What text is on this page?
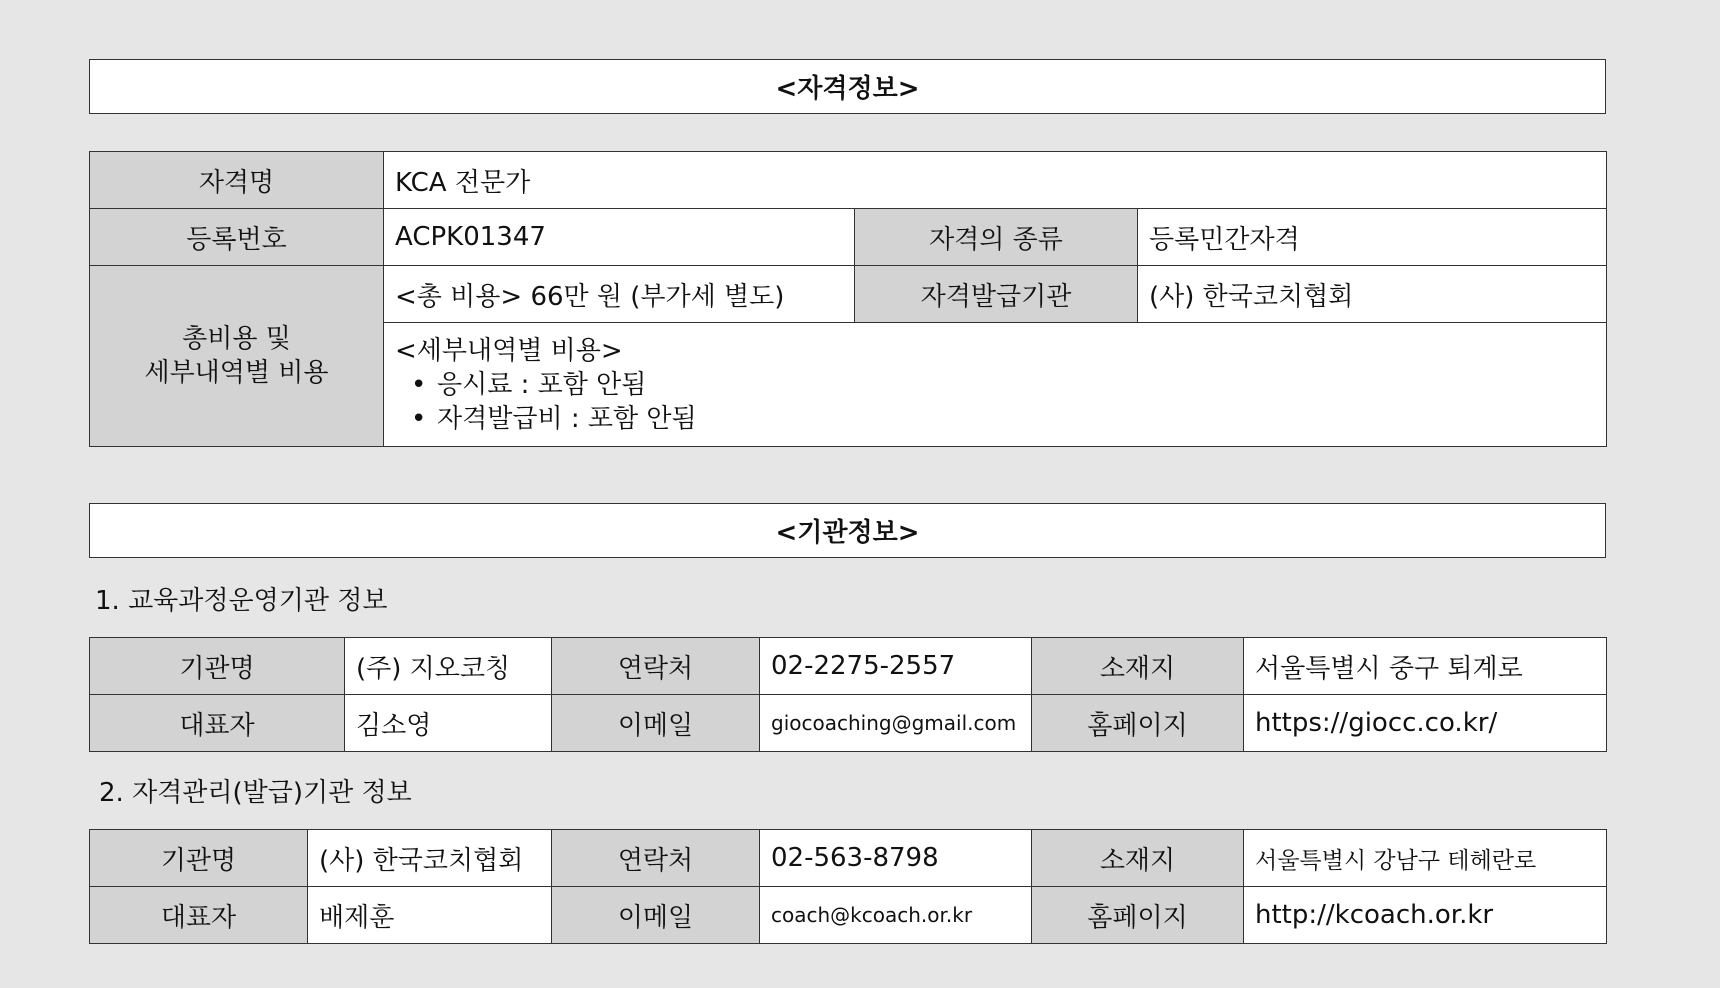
<자격정보>
자격명	KCA 전문가		
등록번호	ACPK01347	자격의 종류	등록민간자격

총비용 및
세부내역별 비용	<총 비용> 66만 원 (부가세 별도)	자격발급기관	(사) 한국코치협회

	<세부내역별 비용>
• 응시료 : 포함 안됨
• 자격발급비 : 포함 안됨		
<기관정보>
1. 교육과정운영기관 정보
기관명	(주) 지오코칭	연락처	02-2275-2557	소재지	서울특별시 중구 퇴계로
대표자	김소영	이메일	giocoaching@gmail.com	홈페이지	https://giocc.co.kr/
2. 자격관리(발급)기관 정보
기관명	(사) 한국코치협회	연락처	02-563-8798	소재지	서울특별시 강남구 테헤란로
대표자	배제훈	이메일	coach@kcoach.or.kr	홈페이지	http://kcoach.or.kr
